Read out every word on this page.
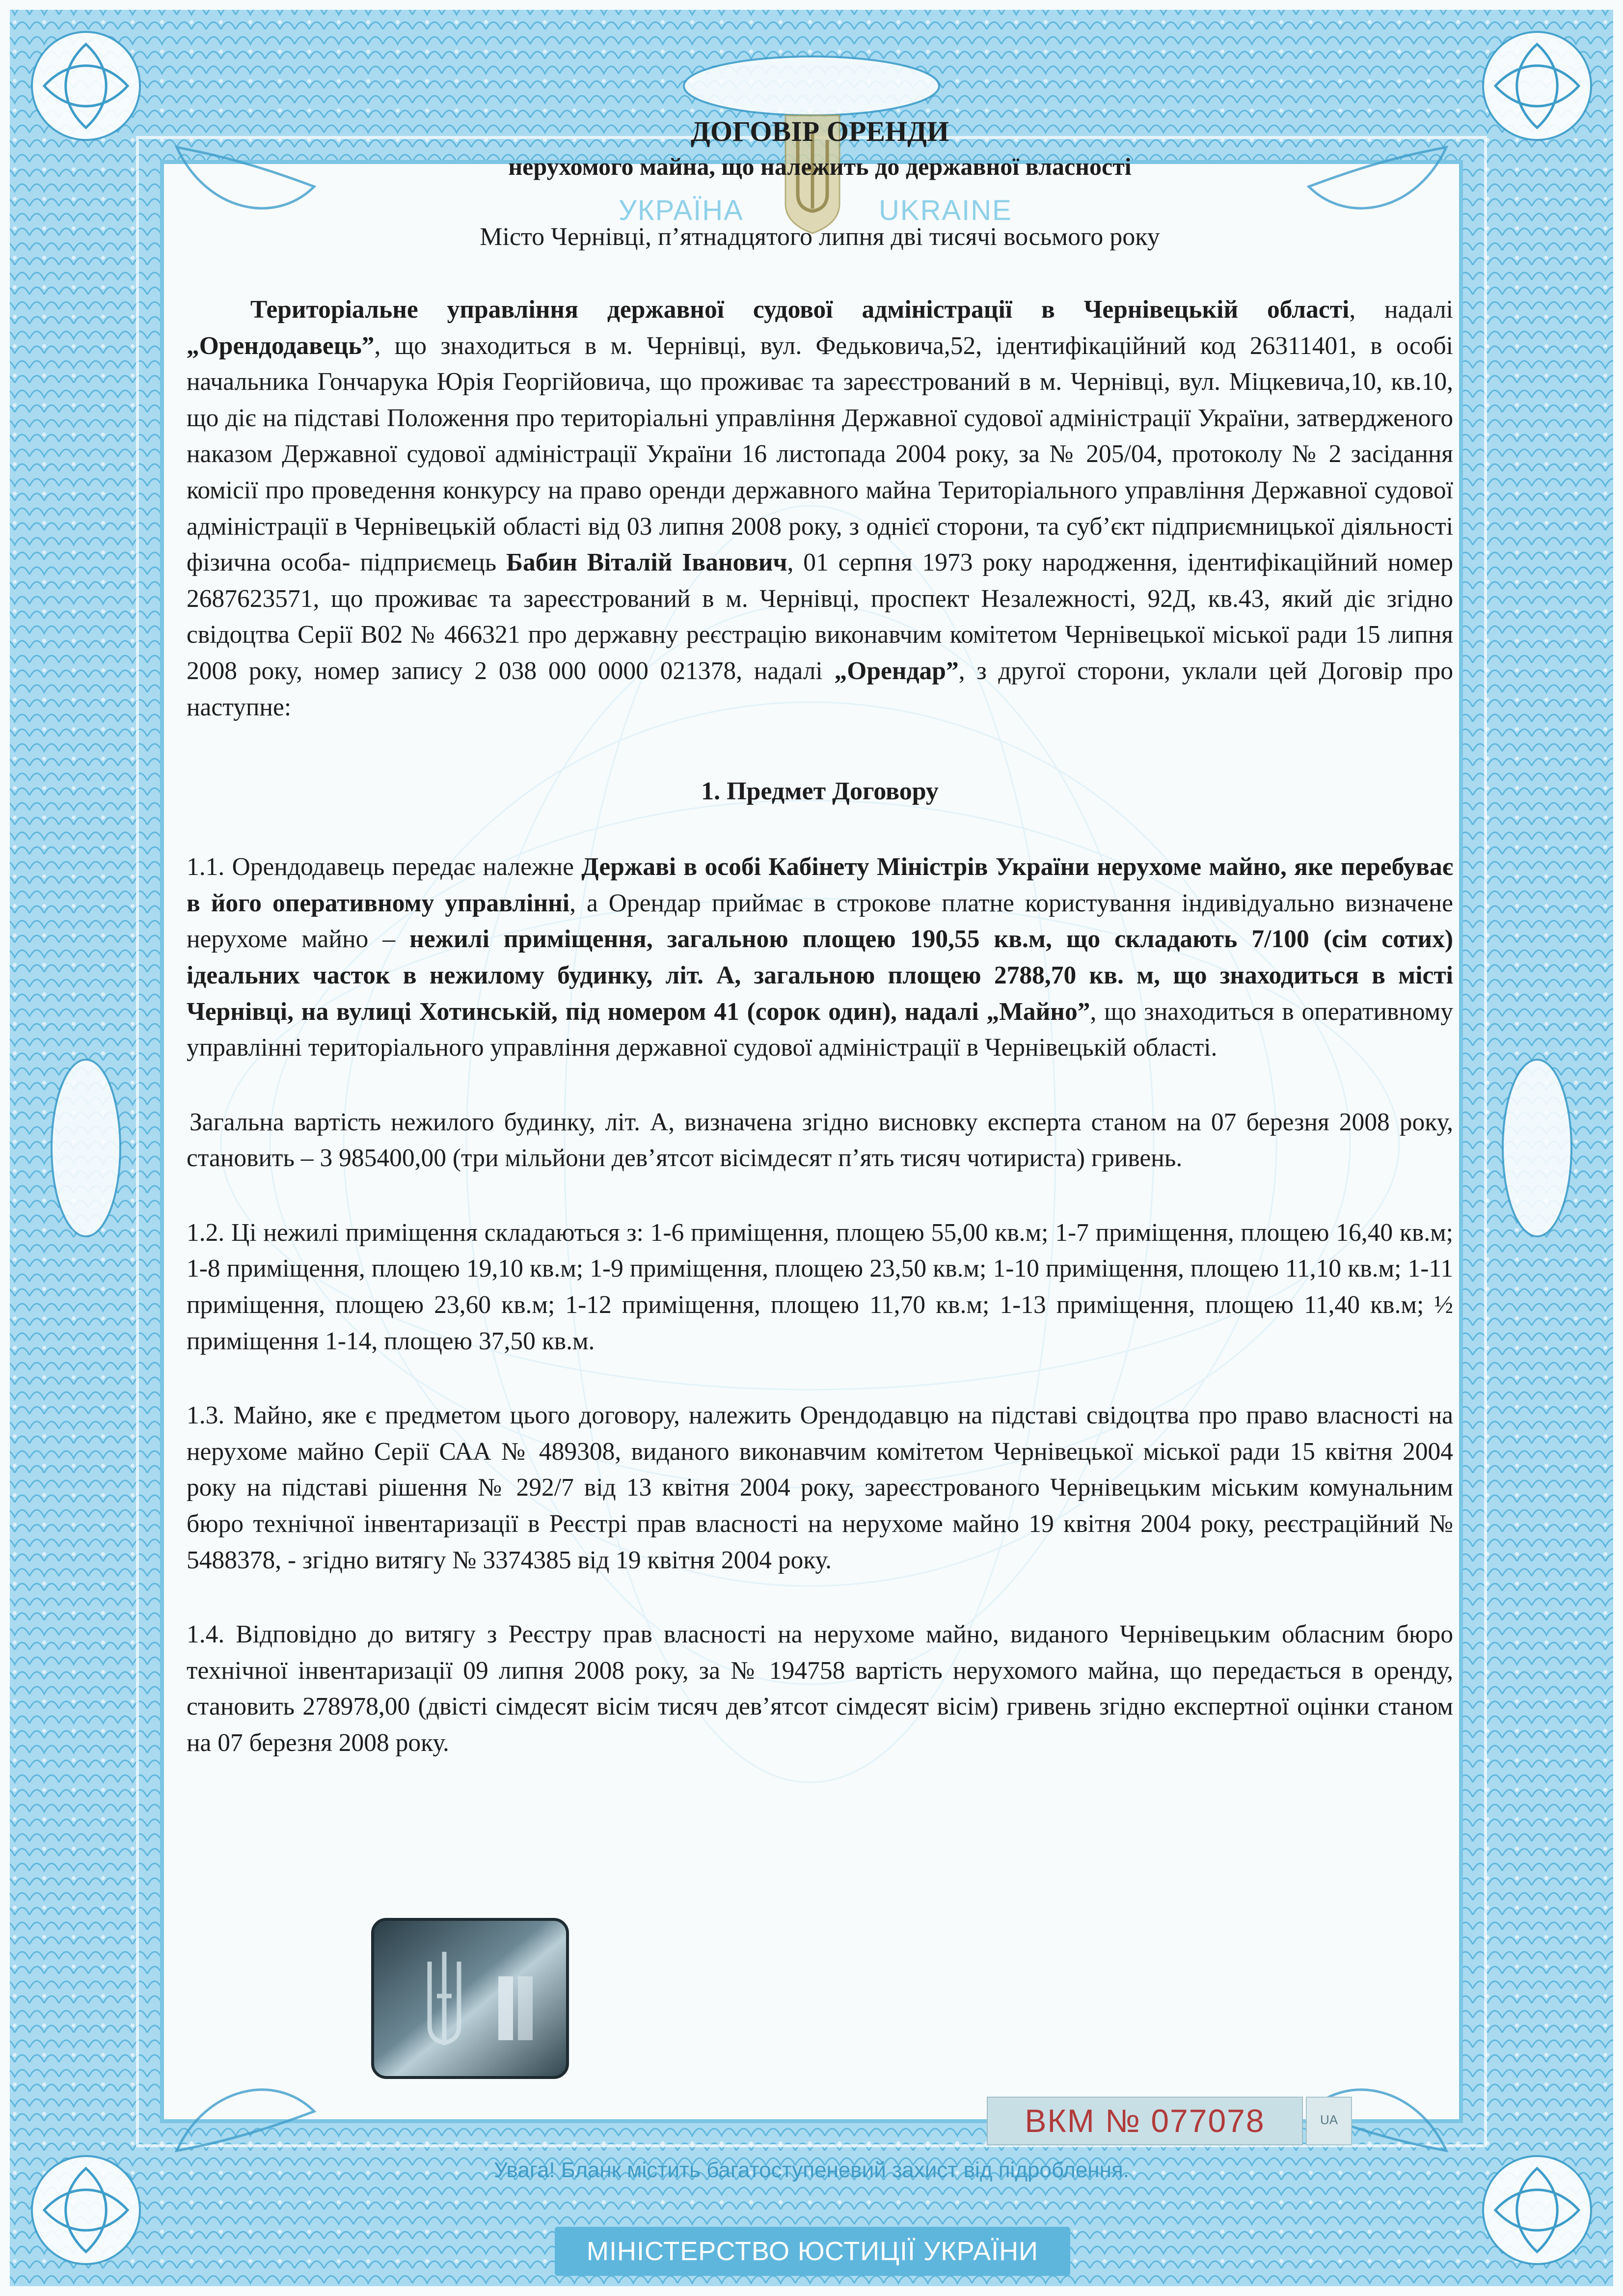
УКРАЇНА	UKRAINE

ДОГОВІР ОРЕНДИ

нерухомого майна, що належить до державної власності

Місто Чернівці, п’ятнадцятого липня дві тисячі восьмого року

Територіальне управління державної судової адміністрації в Чернівецькій області, надалі „Орендодавець”, що знаходиться в м. Чернівці, вул. Федьковича,52, ідентифікаційний код 26311401, в особі начальника Гончарука Юрія Георгійовича, що проживає та зареєстрований в м. Чернівці, вул. Міцкевича,10, кв.10, що діє на підставі Положення про територіальні управління Державної судової адміністрації України, затвердженого наказом Державної судової адміністрації України 16 листопада 2004 року, за № 205/04, протоколу № 2 засідання комісії про проведення конкурсу на право оренди державного майна Територіального управління Державної судової адміністрації в Чернівецькій області від 03 липня 2008 року, з однієї сторони, та суб’єкт підприємницької діяльності фізична особа- підприємець Бабин Віталій Іванович, 01 серпня 1973 року народження, ідентифікаційний номер 2687623571, що проживає та зареєстрований в м. Чернівці, проспект Незалежності, 92Д, кв.43, який діє згідно свідоцтва Серії В02 № 466321 про державну реєстрацію виконавчим комітетом Чернівецької міської ради 15 липня 2008 року, номер запису 2 038 000 0000 021378, надалі „Орендар”, з другої сторони, уклали цей Договір про наступне:

1. Предмет Договору

1.1. Орендодавець передає належне Державі в особі Кабінету Міністрів України нерухоме майно, яке перебуває в його оперативному управлінні, а Орендар приймає в строкове платне користування індивідуально визначене нерухоме майно – нежилі приміщення, загальною площею 190,55 кв.м, що складають 7/100 (сім сотих) ідеальних часток в нежилому будинку, літ. А, загальною площею 2788,70 кв. м, що знаходиться в місті Чернівці, на вулиці Хотинській, під номером 41 (сорок один), надалі „Майно”, що знаходиться в оперативному управлінні територіального управління державної судової адміністрації в Чернівецькій області.

Загальна вартість нежилого будинку, літ. А, визначена згідно висновку експерта станом на 07 березня 2008 року, становить – 3 985400,00 (три мільйони дев’ятсот вісімдесят п’ять тисяч чотириста) гривень.

1.2. Ці нежилі приміщення складаються з: 1-6 приміщення, площею 55,00 кв.м; 1-7 приміщення, площею 16,40 кв.м; 1-8 приміщення, площею 19,10 кв.м; 1-9 приміщення, площею 23,50 кв.м; 1-10 приміщення, площею 11,10 кв.м; 1-11 приміщення, площею 23,60 кв.м; 1-12 приміщення, площею 11,70 кв.м; 1-13 приміщення, площею 11,40 кв.м; ½ приміщення 1-14, площею 37,50 кв.м.

1.3. Майно, яке є предметом цього договору, належить Орендодавцю на підставі свідоцтва про право власності на нерухоме майно Серії САА № 489308, виданого виконавчим комітетом Чернівецької міської ради 15 квітня 2004 року на підставі рішення № 292/7 від 13 квітня 2004 року, зареєстрованого Чернівецьким міським комунальним бюро технічної інвентаризації в Реєстрі прав власності на нерухоме майно 19 квітня 2004 року, реєстраційний № 5488378, - згідно витягу № 3374385 від 19 квітня 2004 року.

1.4. Відповідно до витягу з Реєстру прав власності на нерухоме майно, виданого Чернівецьким обласним бюро технічної інвентаризації 09 липня 2008 року, за № 194758 вартість нерухомого майна, що передається в оренду, становить 278978,00 (двісті сімдесят вісім тисяч дев’ятсот сімдесят вісім) гривень згідно експертної оцінки станом на 07 березня 2008 року.

ВКМ № 077078	UA
Увага! Бланк містить багатоступеневий захист від підроблення.
МІНІСТЕРСТВО ЮСТИЦІЇ УКРАЇНИ
